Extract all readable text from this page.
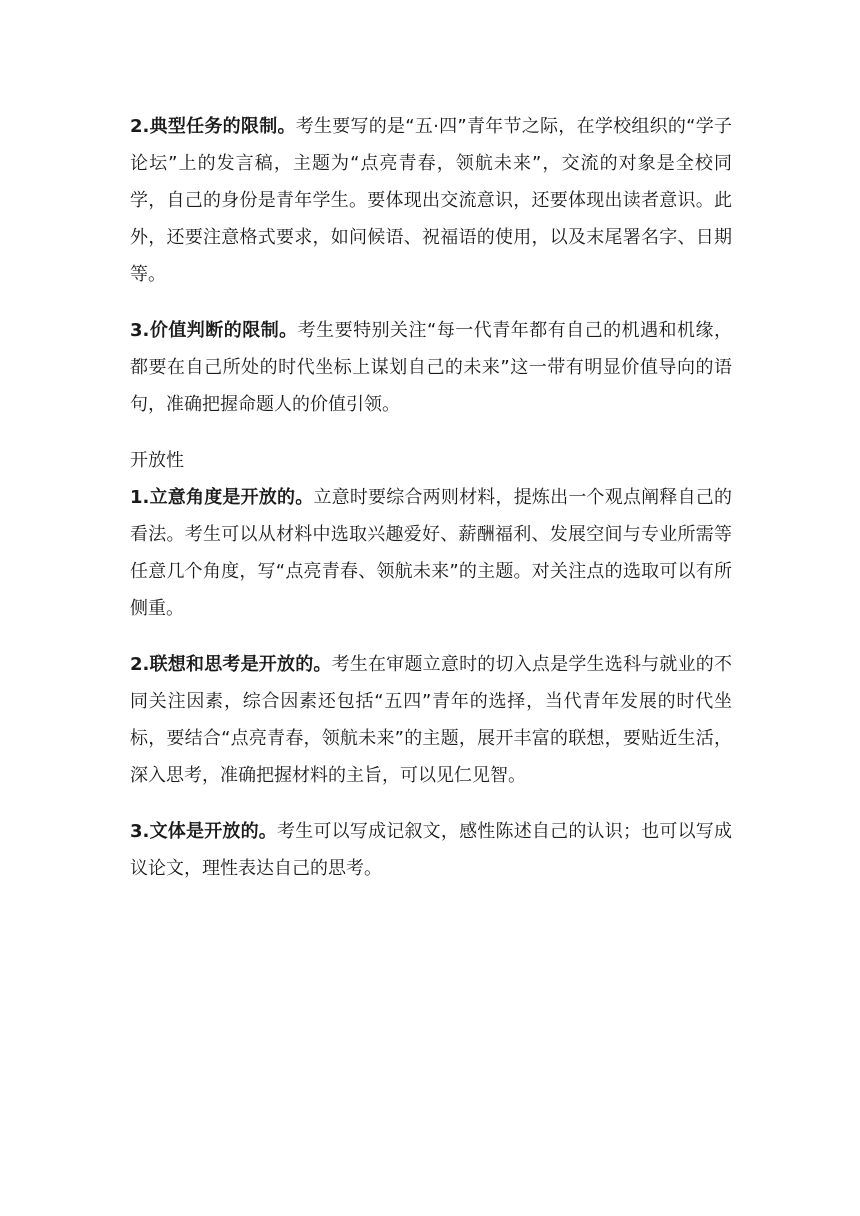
2.典型任务的限制。考生要写的是“五·四”青年节之际，在学校组织的“学子论坛”上的发言稿，主题为“点亮青春，领航未来”，交流的对象是全校同学，自己的身份是青年学生。要体现出交流意识，还要体现出读者意识。此外，还要注意格式要求，如问候语、祝福语的使用，以及末尾署名字、日期等。

3.价值判断的限制。考生要特别关注“每一代青年都有自己的机遇和机缘，都要在自己所处的时代坐标上谋划自己的未来”这一带有明显价值导向的语句，准确把握命题人的价值引领。

开放性

1.立意角度是开放的。立意时要综合两则材料，提炼出一个观点阐释自己的看法。考生可以从材料中选取兴趣爱好、薪酬福利、发展空间与专业所需等任意几个角度，写“点亮青春、领航未来”的主题。对关注点的选取可以有所侧重。

2.联想和思考是开放的。考生在审题立意时的切入点是学生选科与就业的不同关注因素，综合因素还包括“五四”青年的选择，当代青年发展的时代坐标，要结合“点亮青春，领航未来”的主题，展开丰富的联想，要贴近生活，深入思考，准确把握材料的主旨，可以见仁见智。

3.文体是开放的。考生可以写成记叙文，感性陈述自己的认识；也可以写成议论文，理性表达自己的思考。
